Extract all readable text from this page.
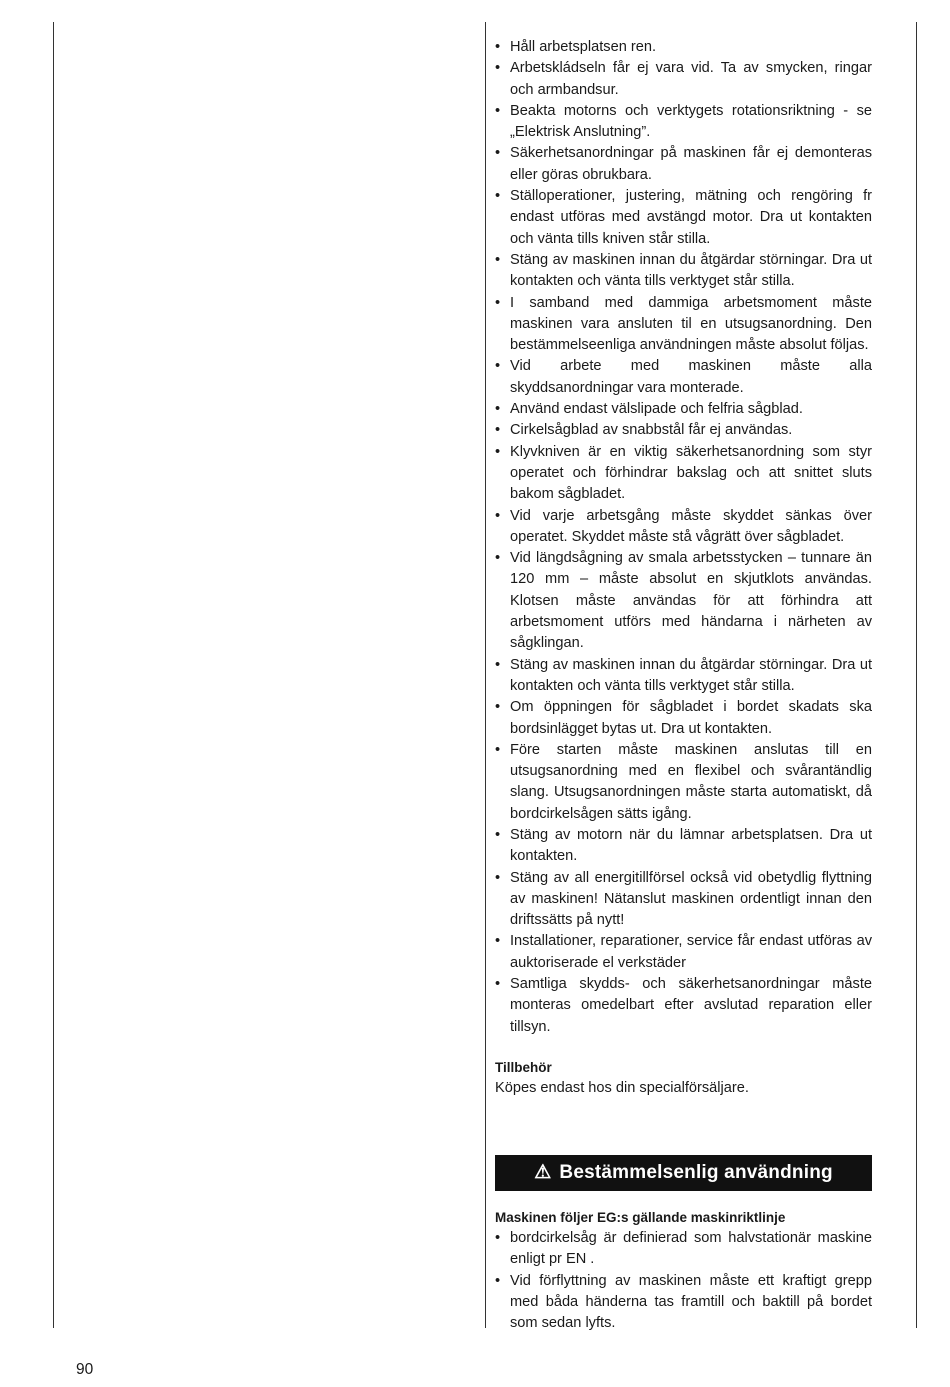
• Håll arbetsplatsen ren.
• Arbetskládseln får ej vara vid. Ta av smycken, ringar och armbandsur.
• Beakta motorns och verktygets rotationsriktning - se „Elektrisk Anslutning”.
• Säkerhetsanordningar på maskinen får ej demonteras eller göras obrukbara.
• Ställoperationer, justering, mätning och rengöring fr endast utföras med avstängd motor. Dra ut kontakten och vänta tills kniven står stilla.
• Stäng av maskinen innan du åtgärdar störningar. Dra ut kontakten och vänta tills verktyget står stilla.
• I samband med dammiga arbetsmoment måste maskinen vara ansluten til en utsugsanordning. Den bestämmelseenliga användningen måste absolut följas.
• Vid arbete med maskinen måste alla skyddsanordningar vara monterade.
• Använd endast välslipade och felfria sågblad.
• Cirkelsågblad av snabbstål får ej användas.
• Klyvkniven är en viktig säkerhetsanordning som styr operatet och förhindrar bakslag och att snittet sluts bakom sågbladet.
• Vid varje arbetsgång måste skyddet sänkas över operatet. Skyddet måste stå vågrätt över sågbladet.
• Vid längdsågning av smala arbetsstycken – tunnare än 120 mm – måste absolut en skjutklots användas. Klotsen måste användas för att förhindra att arbetsmoment utförs med händarna i närheten av sågklingan.
• Stäng av maskinen innan du åtgärdar störningar. Dra ut kontakten och vänta tills verktyget står stilla.
• Om öppningen för sågbladet i bordet skadats ska bordsinlägget bytas ut. Dra ut kontakten.
• Före starten måste maskinen anslutas till en utsugsanordning med en flexibel och svårantändlig slang. Utsugsanordningen måste starta automatiskt, då bordcirkelsågen sätts igång.
• Stäng av motorn när du lämnar arbetsplatsen. Dra ut kontakten.
• Stäng av all energitillförsel också vid obetydlig flyttning av maskinen! Nätanslut maskinen ordentligt innan den driftssätts på nytt!
• Installationer, reparationer, service får endast utföras av auktoriserade el verkstäder
• Samtliga skydds- och säkerhetsanordningar måste monteras omedelbart efter avslutad reparation eller tillsyn.
Tillbehör

Köpes endast hos din specialförsäljare.

⚠ Bestämmelsenlig användning
Maskinen följer EG:s gällande maskinriktlinje
• bordcirkelsåg är definierad som halvstationär maskine enligt pr EN .
• Vid förflyttning av maskinen måste ett kraftigt grepp med båda händerna tas framtill och baktill på bordet som sedan lyfts.
90
